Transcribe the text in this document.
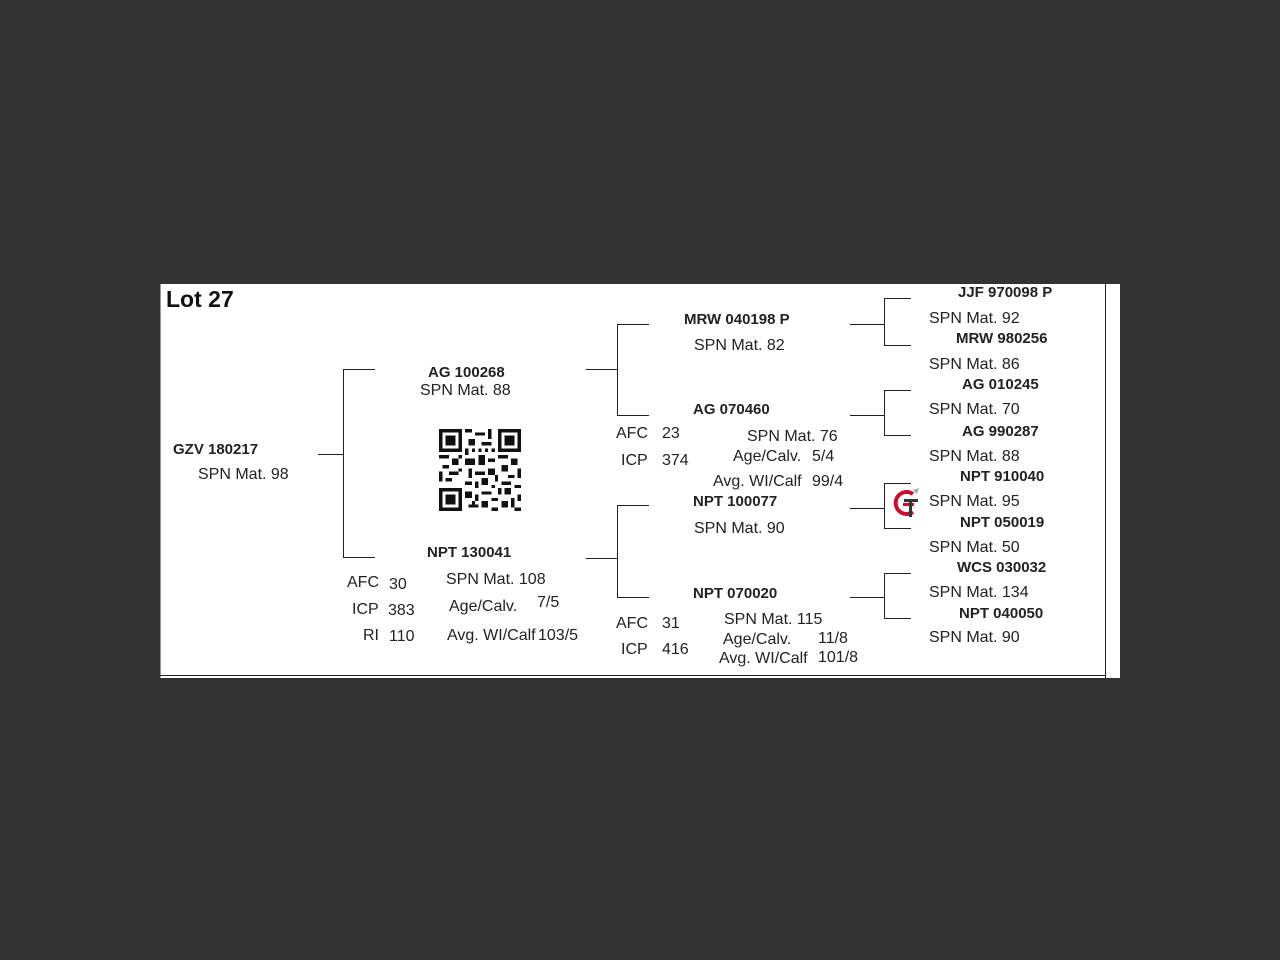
Lot 27
GZV 180217
SPN Mat. 98
AG 100268
SPN Mat. 88
NPT 130041
SPN Mat. 108
AFC 30
ICP 383
RI 110
Age/Calv. 7/5
Avg. WI/Calf 103/5
MRW 040198 P
SPN Mat. 82
AG 070460
SPN Mat. 76
AFC 23
ICP 374	Age/Calv. 5/4
Avg. WI/Calf 99/4
NPT 100077
SPN Mat. 90
NPT 070020
SPN Mat. 115
AFC 31
ICP 416
Age/Calv. 11/8
Avg. WI/Calf 101/8
JJF 970098 P
SPN Mat. 92
MRW 980256
SPN Mat. 86
AG 010245
SPN Mat. 70
AG 990287
SPN Mat. 88
NPT 910040
SPN Mat. 95
NPT 050019
SPN Mat. 50
WCS 030032
SPN Mat. 134
NPT 040050
SPN Mat. 90
